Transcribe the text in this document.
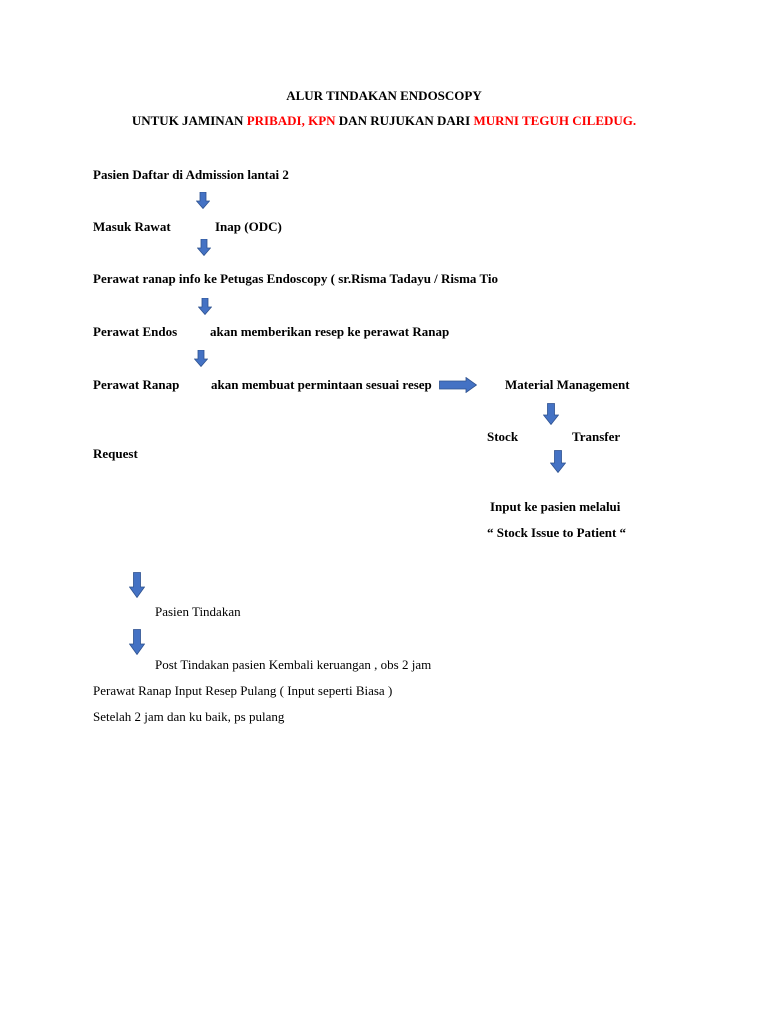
ALUR TINDAKAN ENDOSCOPY
UNTUK JAMINAN PRIBADI, KPN DAN RUJUKAN DARI MURNI TEGUH CILEDUG.
Pasien Daftar di Admission lantai 2
Masuk Rawat	Inap (ODC)
Perawat ranap info ke Petugas Endoscopy ( sr.Risma Tadayu / Risma Tio
Perawat Endos	akan memberikan resep ke perawat Ranap
Perawat Ranap akan membuat permintaan sesuai resep	Material Management
Stock	Transfer
Request
Input ke pasien melalui
“ Stock Issue to Patient “
Pasien Tindakan
Post Tindakan pasien Kembali keruangan , obs 2 jam
Perawat Ranap Input Resep Pulang ( Input seperti Biasa )
Setelah 2 jam dan ku baik, ps pulang
